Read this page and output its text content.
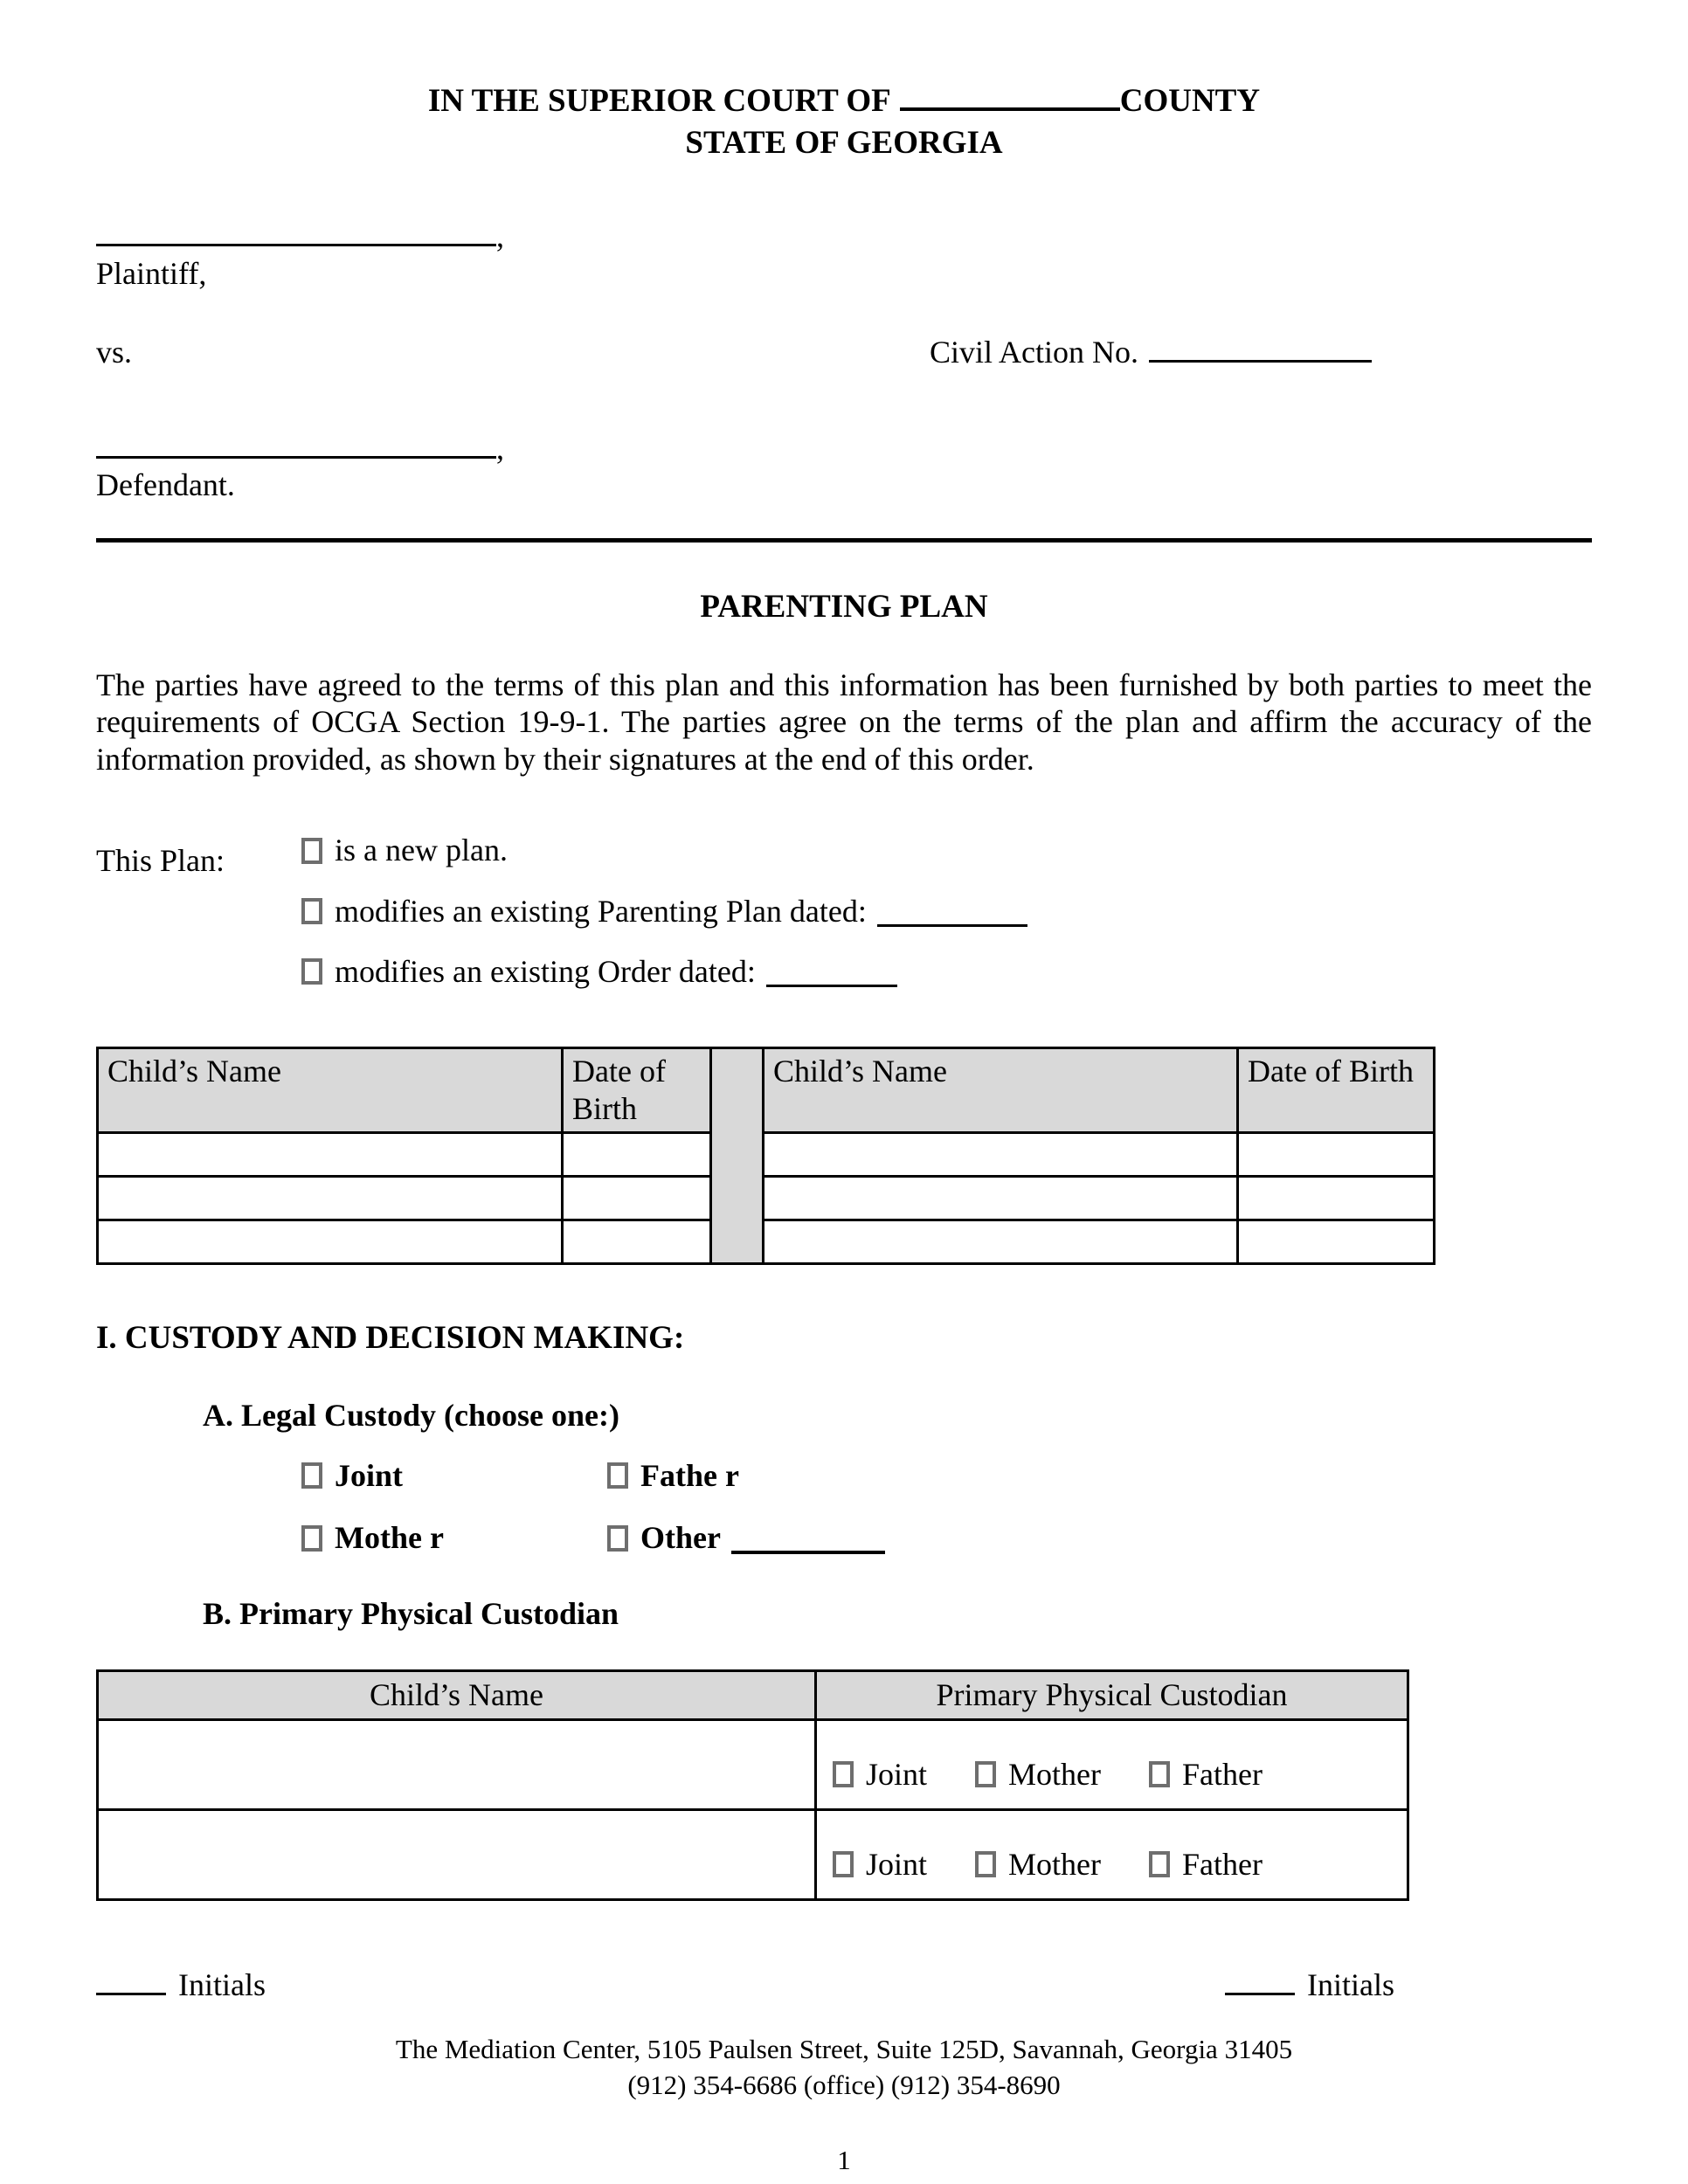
IN THE SUPERIOR COURT OF	COUNTY
STATE OF GEORGIA
,
Plaintiff,
vs.	Civil Action No.
,
Defendant.
PARENTING PLAN

The parties have agreed to the terms of this plan and this information has been furnished by both parties to meet the requirements of OCGA Section 19-9-1. The parties agree on the terms of the plan and affirm the accuracy of the information provided, as shown by their signatures at the end of this order.

This Plan:	is a new plan.
modifies an existing Parenting Plan dated:
modifies an existing Order dated:
Child’s Name	Date of Birth		Child’s Name	Date of Birth

I. CUSTODY AND DECISION MAKING:
A. Legal Custody (choose one:)
Joint	Fathe r
Mothe r	Other
B. Primary Physical Custodian
Child’s Name	Primary Physical Custodian

	Joint Mother Father

	Joint Mother Father
Initials	Initials
The Mediation Center, 5105 Paulsen Street, Suite 125D, Savannah, Georgia 31405
(912) 354-6686 (office) (912) 354-8690
1
